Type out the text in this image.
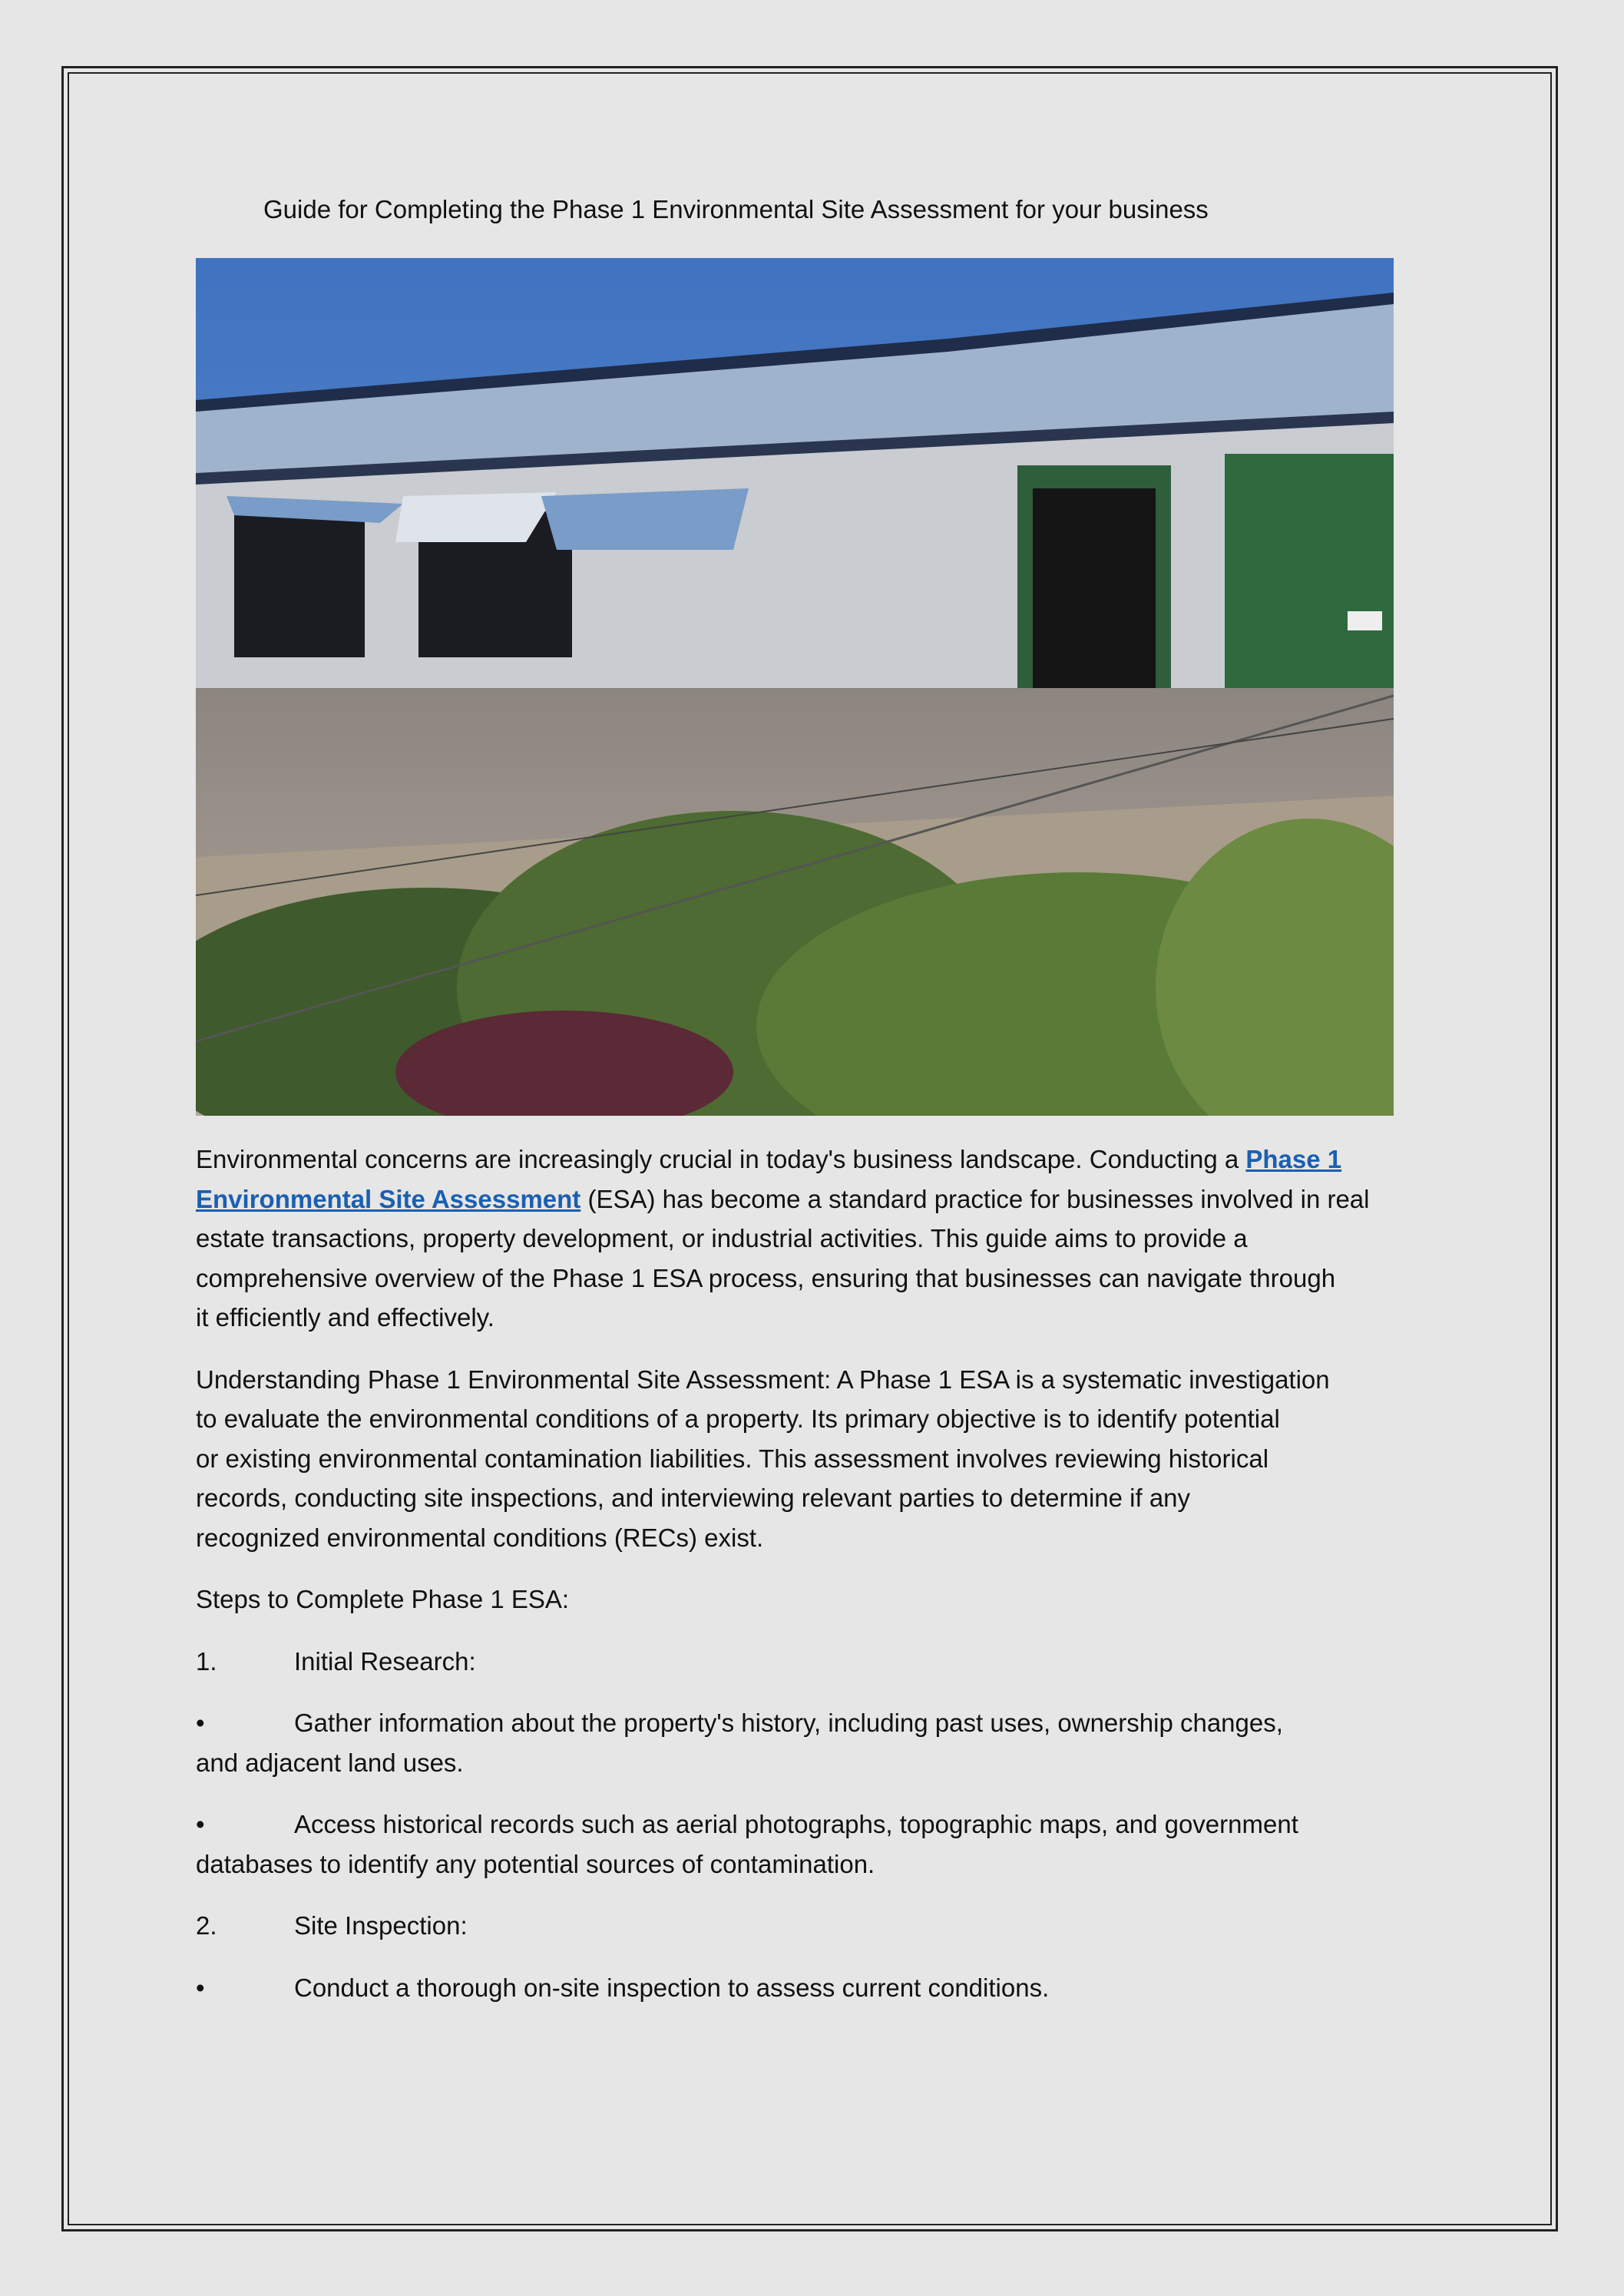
Guide for Completing the Phase 1 Environmental Site Assessment for your business

Environmental concerns are increasingly crucial in today's business landscape. Conducting a Phase 1
Environmental Site Assessment (ESA) has become a standard practice for businesses involved in real
estate transactions, property development, or industrial activities. This guide aims to provide a
comprehensive overview of the Phase 1 ESA process, ensuring that businesses can navigate through
it efficiently and effectively.

Understanding Phase 1 Environmental Site Assessment: A Phase 1 ESA is a systematic investigation
to evaluate the environmental conditions of a property. Its primary objective is to identify potential
or existing environmental contamination liabilities. This assessment involves reviewing historical
records, conducting site inspections, and interviewing relevant parties to determine if any
recognized environmental conditions (RECs) exist.

Steps to Complete Phase 1 ESA:

1.	Initial Research:

•	Gather information about the property's history, including past uses, ownership changes,
and adjacent land uses.

•	Access historical records such as aerial photographs, topographic maps, and government
databases to identify any potential sources of contamination.

2.	Site Inspection:

•	Conduct a thorough on-site inspection to assess current conditions.
